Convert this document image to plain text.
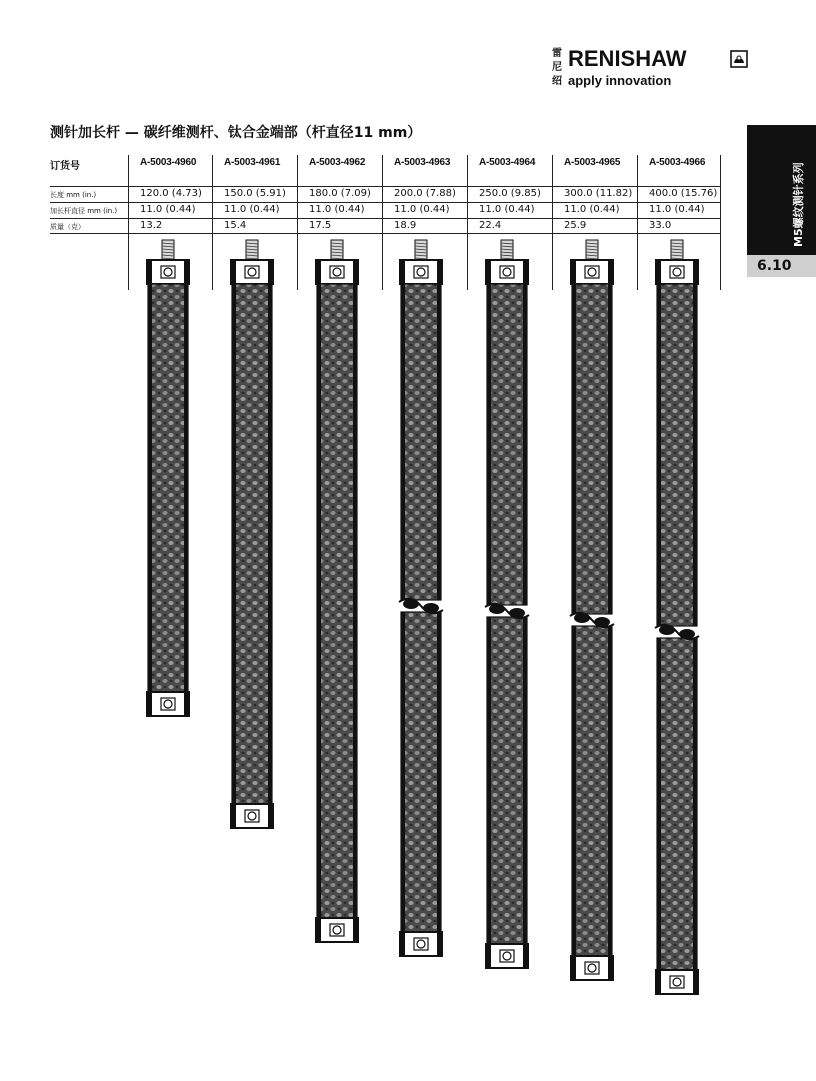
雷
尼
绍
RENISHAW
apply innovation
M5螺纹测针系列
6.10
测针加长杆 — 碳纤维测杆、钛合金端部（杆直径11 mm）
订货号
长度 mm (in.)
加长杆直径 mm (in.)
质量（克）
A-5003-4960
120.0 (4.73)
11.0 (0.44)
13.2
A-5003-4961
150.0 (5.91)
11.0 (0.44)
15.4
A-5003-4962
180.0 (7.09)
11.0 (0.44)
17.5
A-5003-4963
200.0 (7.88)
11.0 (0.44)
18.9
A-5003-4964
250.0 (9.85)
11.0 (0.44)
22.4
A-5003-4965
300.0 (11.82)
11.0 (0.44)
25.9
A-5003-4966
400.0 (15.76)
11.0 (0.44)
33.0
